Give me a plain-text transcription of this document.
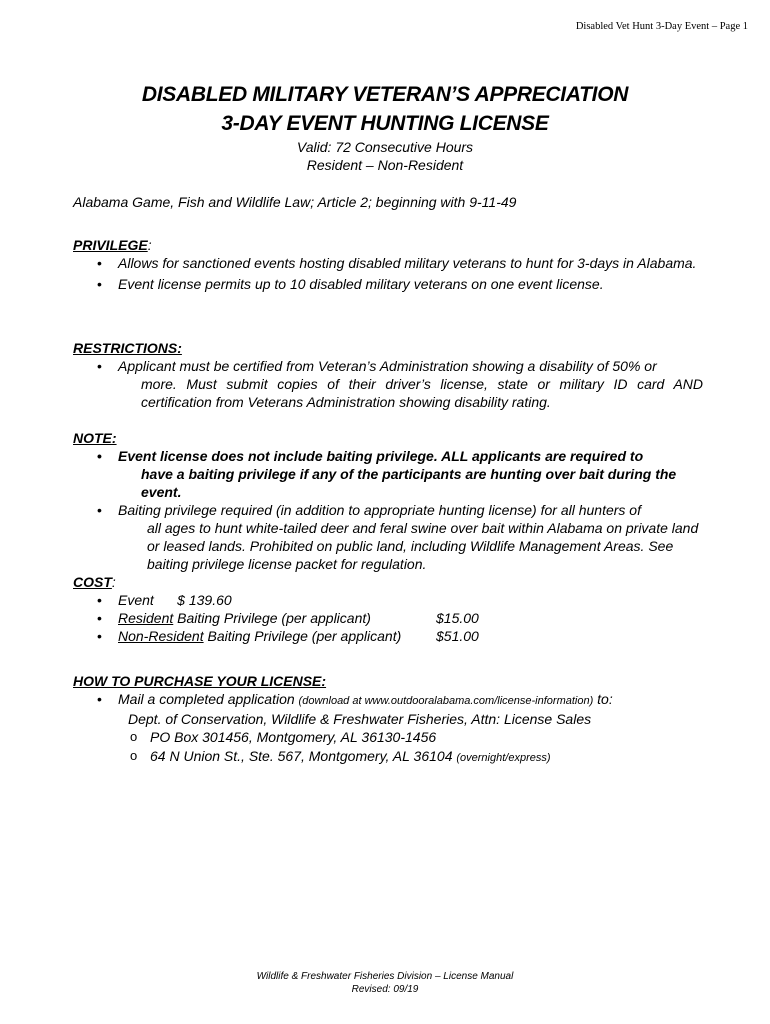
Disabled Vet Hunt 3-Day Event – Page 1
DISABLED MILITARY VETERAN’S APPRECIATION
3-DAY EVENT HUNTING LICENSE
Valid: 72 Consecutive Hours
Resident – Non-Resident
Alabama Game, Fish and Wildlife Law; Article 2; beginning with 9-11-49
PRIVILEGE:
• Allows for sanctioned events hosting disabled military veterans to hunt for 3-days in Alabama.
• Event license permits up to 10 disabled military veterans on one event license.
RESTRICTIONS:
• Applicant must be certified from Veteran’s Administration showing a disability of 50% or
more. Must submit copies of their driver’s license, state or military ID card AND certification from Veterans Administration showing disability rating.
NOTE:
• Event license does not include baiting privilege. ALL applicants are required to
have a baiting privilege if any of the participants are hunting over bait during the event.
• Baiting privilege required (in addition to appropriate hunting license) for all hunters of
all ages to hunt white-tailed deer and feral swine over bait within Alabama on private land or leased lands. Prohibited on public land, including Wildlife Management Areas. See baiting privilege license packet for regulation.
COST:
• Event $ 139.60
• Resident Baiting Privilege (per applicant)	$15.00
• Non-Resident Baiting Privilege (per applicant) $51.00
HOW TO PURCHASE YOUR LICENSE:
• Mail a completed application (download at www.outdooralabama.com/license-information) to:
Dept. of Conservation, Wildlife & Freshwater Fisheries, Attn: License Sales
o PO Box 301456, Montgomery, AL 36130-1456
o 64 N Union St., Ste. 567, Montgomery, AL 36104 (overnight/express)
Wildlife & Freshwater Fisheries Division – License Manual
Revised: 09/19
